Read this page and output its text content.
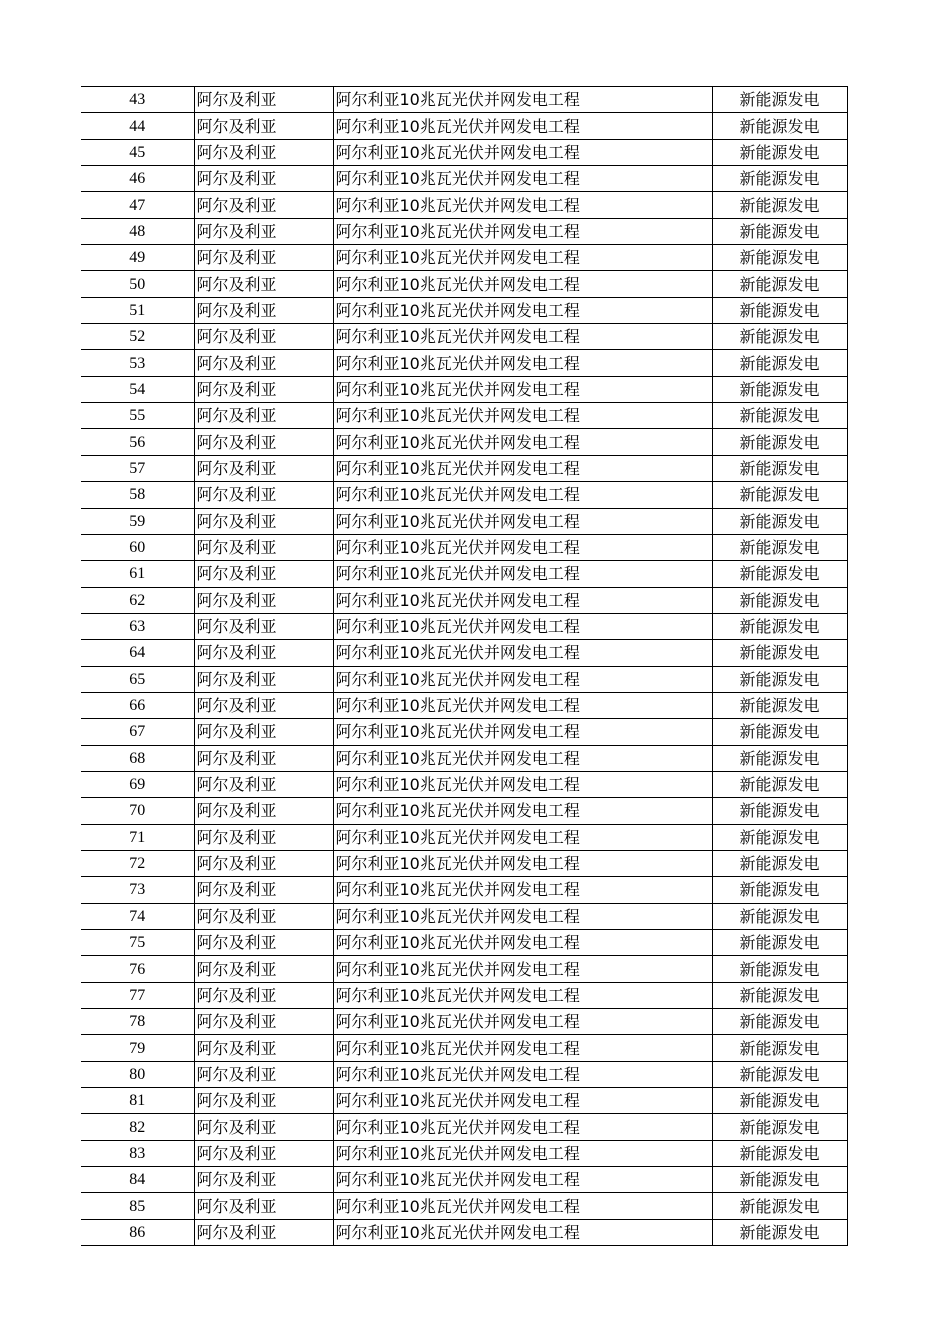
43	阿尔及利亚	阿尔利亚10兆瓦光伏并网发电工程	新能源发电
44	阿尔及利亚	阿尔利亚10兆瓦光伏并网发电工程	新能源发电
45	阿尔及利亚	阿尔利亚10兆瓦光伏并网发电工程	新能源发电
46	阿尔及利亚	阿尔利亚10兆瓦光伏并网发电工程	新能源发电
47	阿尔及利亚	阿尔利亚10兆瓦光伏并网发电工程	新能源发电
48	阿尔及利亚	阿尔利亚10兆瓦光伏并网发电工程	新能源发电
49	阿尔及利亚	阿尔利亚10兆瓦光伏并网发电工程	新能源发电
50	阿尔及利亚	阿尔利亚10兆瓦光伏并网发电工程	新能源发电
51	阿尔及利亚	阿尔利亚10兆瓦光伏并网发电工程	新能源发电
52	阿尔及利亚	阿尔利亚10兆瓦光伏并网发电工程	新能源发电
53	阿尔及利亚	阿尔利亚10兆瓦光伏并网发电工程	新能源发电
54	阿尔及利亚	阿尔利亚10兆瓦光伏并网发电工程	新能源发电
55	阿尔及利亚	阿尔利亚10兆瓦光伏并网发电工程	新能源发电
56	阿尔及利亚	阿尔利亚10兆瓦光伏并网发电工程	新能源发电
57	阿尔及利亚	阿尔利亚10兆瓦光伏并网发电工程	新能源发电
58	阿尔及利亚	阿尔利亚10兆瓦光伏并网发电工程	新能源发电
59	阿尔及利亚	阿尔利亚10兆瓦光伏并网发电工程	新能源发电
60	阿尔及利亚	阿尔利亚10兆瓦光伏并网发电工程	新能源发电
61	阿尔及利亚	阿尔利亚10兆瓦光伏并网发电工程	新能源发电
62	阿尔及利亚	阿尔利亚10兆瓦光伏并网发电工程	新能源发电
63	阿尔及利亚	阿尔利亚10兆瓦光伏并网发电工程	新能源发电
64	阿尔及利亚	阿尔利亚10兆瓦光伏并网发电工程	新能源发电
65	阿尔及利亚	阿尔利亚10兆瓦光伏并网发电工程	新能源发电
66	阿尔及利亚	阿尔利亚10兆瓦光伏并网发电工程	新能源发电
67	阿尔及利亚	阿尔利亚10兆瓦光伏并网发电工程	新能源发电
68	阿尔及利亚	阿尔利亚10兆瓦光伏并网发电工程	新能源发电
69	阿尔及利亚	阿尔利亚10兆瓦光伏并网发电工程	新能源发电
70	阿尔及利亚	阿尔利亚10兆瓦光伏并网发电工程	新能源发电
71	阿尔及利亚	阿尔利亚10兆瓦光伏并网发电工程	新能源发电
72	阿尔及利亚	阿尔利亚10兆瓦光伏并网发电工程	新能源发电
73	阿尔及利亚	阿尔利亚10兆瓦光伏并网发电工程	新能源发电
74	阿尔及利亚	阿尔利亚10兆瓦光伏并网发电工程	新能源发电
75	阿尔及利亚	阿尔利亚10兆瓦光伏并网发电工程	新能源发电
76	阿尔及利亚	阿尔利亚10兆瓦光伏并网发电工程	新能源发电
77	阿尔及利亚	阿尔利亚10兆瓦光伏并网发电工程	新能源发电
78	阿尔及利亚	阿尔利亚10兆瓦光伏并网发电工程	新能源发电
79	阿尔及利亚	阿尔利亚10兆瓦光伏并网发电工程	新能源发电
80	阿尔及利亚	阿尔利亚10兆瓦光伏并网发电工程	新能源发电
81	阿尔及利亚	阿尔利亚10兆瓦光伏并网发电工程	新能源发电
82	阿尔及利亚	阿尔利亚10兆瓦光伏并网发电工程	新能源发电
83	阿尔及利亚	阿尔利亚10兆瓦光伏并网发电工程	新能源发电
84	阿尔及利亚	阿尔利亚10兆瓦光伏并网发电工程	新能源发电
85	阿尔及利亚	阿尔利亚10兆瓦光伏并网发电工程	新能源发电
86	阿尔及利亚	阿尔利亚10兆瓦光伏并网发电工程	新能源发电
